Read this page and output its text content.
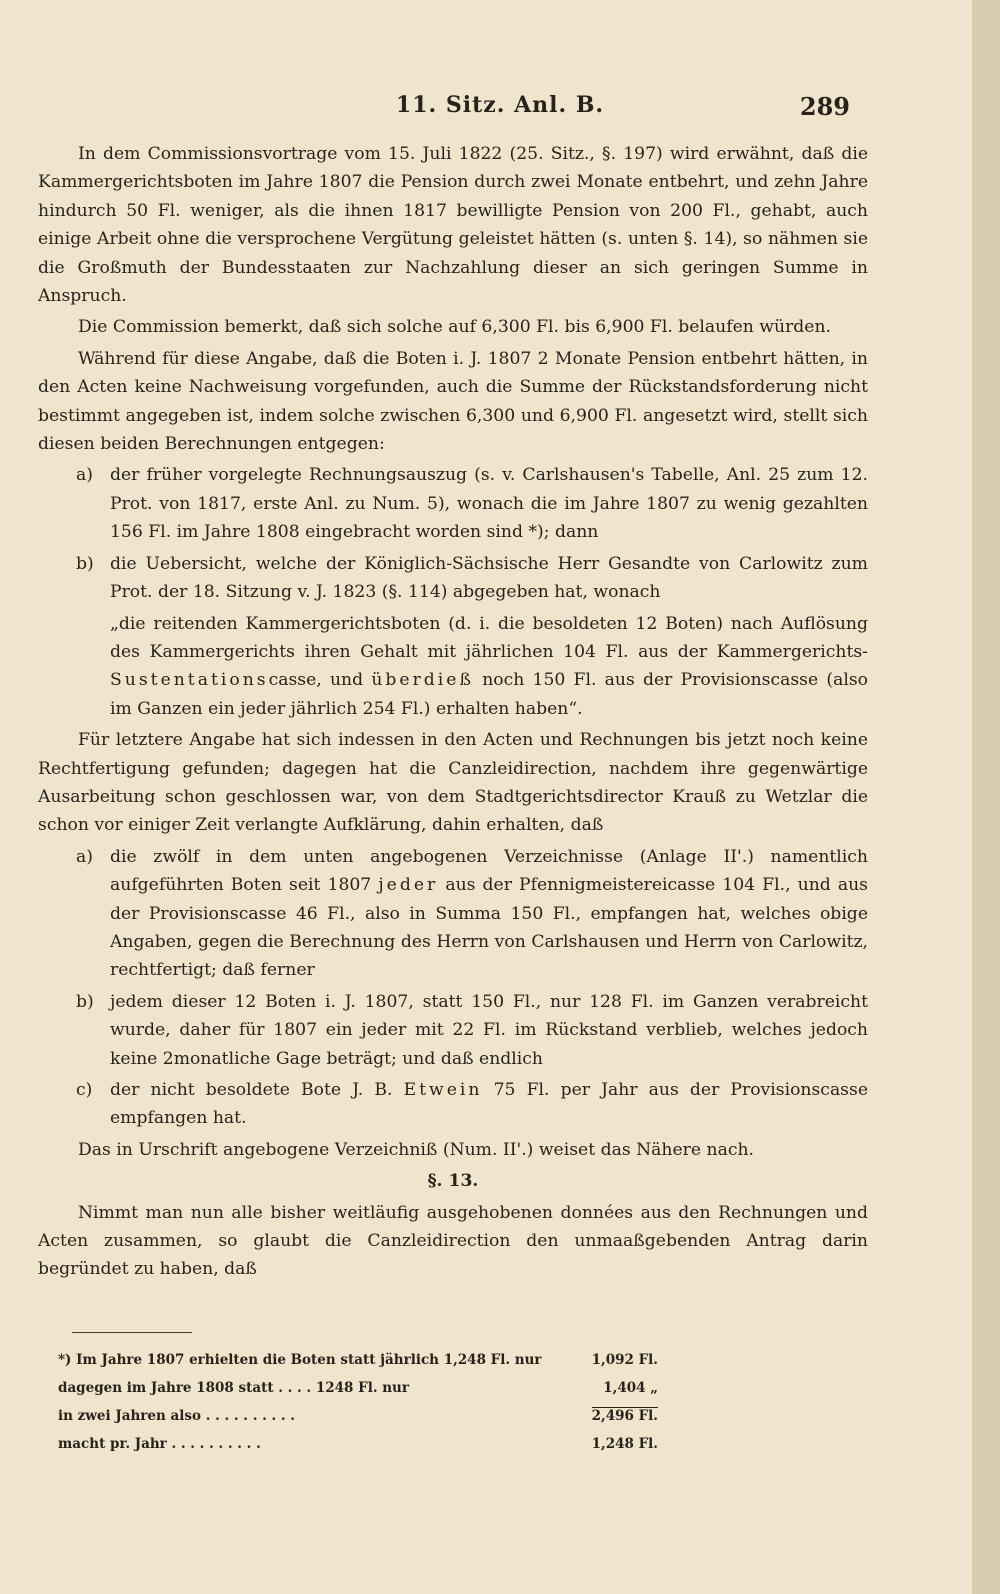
11. Sitz. Anl. B.	289

In dem Commissionsvortrage vom 15. Juli 1822 (25. Sitz., §. 197) wird erwähnt, daß die Kammergerichtsboten im Jahre 1807 die Pension durch zwei Monate entbehrt, und zehn Jahre hindurch 50 Fl. weniger, als die ihnen 1817 bewilligte Pension von 200 Fl., gehabt, auch einige Arbeit ohne die versprochene Vergütung geleistet hätten (s. unten §. 14), so nähmen sie die Großmuth der Bundesstaaten zur Nachzahlung dieser an sich geringen Summe in Anspruch.

Die Commission bemerkt, daß sich solche auf 6,300 Fl. bis 6,900 Fl. belaufen würden.

Während für diese Angabe, daß die Boten i. J. 1807 2 Monate Pension entbehrt hätten, in den Acten keine Nachweisung vorgefunden, auch die Summe der Rückstandsforderung nicht bestimmt angegeben ist, indem solche zwischen 6,300 und 6,900 Fl. angesetzt wird, stellt sich diesen beiden Berechnungen entgegen:

a) der früher vorgelegte Rechnungsauszug (s. v. Carlshausen's Tabelle, Anl. 25 zum 12. Prot. von 1817, erste Anl. zu Num. 5), wonach die im Jahre 1807 zu wenig gezahlten 156 Fl. im Jahre 1808 eingebracht worden sind *); dann

b) die Uebersicht, welche der Königlich-Sächsische Herr Gesandte von Carlowitz zum Prot. der 18. Sitzung v. J. 1823 (§. 114) abgegeben hat, wonach

„die reitenden Kammergerichtsboten (d. i. die besoldeten 12 Boten) nach Auflösung des Kammergerichts ihren Gehalt mit jährlichen 104 Fl. aus der Kammergerichts-Sustentationscasse, und überdieß noch 150 Fl. aus der Provisionscasse (also im Ganzen ein jeder jährlich 254 Fl.) erhalten haben“.

Für letztere Angabe hat sich indessen in den Acten und Rechnungen bis jetzt noch keine Rechtfertigung gefunden; dagegen hat die Canzleidirection, nachdem ihre gegenwärtige Ausarbeitung schon geschlossen war, von dem Stadtgerichtsdirector Krauß zu Wetzlar die schon vor einiger Zeit verlangte Aufklärung, dahin erhalten, daß

a) die zwölf in dem unten angebogenen Verzeichnisse (Anlage II'.) namentlich aufgeführten Boten seit 1807 jeder aus der Pfennigmeistereicasse 104 Fl., und aus der Provisionscasse 46 Fl., also in Summa 150 Fl., empfangen hat, welches obige Angaben, gegen die Berechnung des Herrn von Carlshausen und Herrn von Carlowitz, rechtfertigt; daß ferner

b) jedem dieser 12 Boten i. J. 1807, statt 150 Fl., nur 128 Fl. im Ganzen verabreicht wurde, daher für 1807 ein jeder mit 22 Fl. im Rückstand verblieb, welches jedoch keine 2monatliche Gage beträgt; und daß endlich

c) der nicht besoldete Bote J. B. Etwein 75 Fl. per Jahr aus der Provisionscasse empfangen hat.

Das in Urschrift angebogene Verzeichniß (Num. II'.) weiset das Nähere nach.

§. 13.

Nimmt man nun alle bisher weitläufig ausgehobenen données aus den Rechnungen und Acten zusammen, so glaubt die Canzleidirection den unmaaßgebenden Antrag darin begründet zu haben, daß

*) Im Jahre 1807 erhielten die Boten statt jährlich 1,248 Fl. nur	1,092 Fl.
dagegen im Jahre 1808 statt . . . . 1248 Fl. nur	1,404 „
in zwei Jahren also . . . . . . . . . .	2,496 Fl.
macht pr. Jahr . . . . . . . . . .	1,248 Fl.
